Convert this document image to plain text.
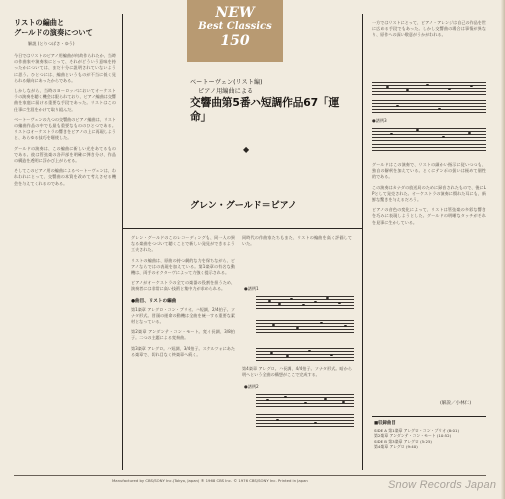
リストの編曲と
グールドの演奏について
解説 (とりつばさ・ゆう)

今日ではリストのピアノ用編曲が何故作られたか、当時の作曲家や演奏家にとって、それがどういう意味を持ったかについては、まだ十分に説明されていないように思う。ひとつには、編曲というものが不当に低く見られる傾向にあったからである。

しかしながら、当時のヨーロッパにおいてオーケストラの演奏を聴く機会は限られており、ピアノ編曲は交響曲を家庭に届ける重要な手段であった。リストはこの仕事に生涯をかけて取り組んだ。

ベートーヴェンの九つの交響曲のピアノ編曲は、リストの編曲作品の中でも最も重要なもののひとつである。リストはオーケストラの響きをピアノの上に再現しようと、あらゆる技巧を駆使した。

グールドの演奏は、この編曲に新しい光をあてるものである。彼は管弦楽の各声部を明確に弾き分け、作品の構造を透明に浮かび上がらせる。

そしてこのピアノ用の編曲によるベートーヴェンは、われわれにとって、交響曲の本質を改めて考えさせる機会を与えてくれるのである。

NEW
Best Classics
150
ベートーヴェン(リスト編)
ピアノ用編曲による
交響曲第5番ハ短調作品67「運命」
◆
グレン・グールド＝ピアノ

グレン・グールドのこのレコーディングも、同一人の異なる楽曲をつづいて聴くことで新しい発見ができるよう工夫された。

リストの編曲は、原曲の持つ劇的な力を保ちながら、ピアノならではの表現を加えている。第1楽章の有名な動機は、両手のオクターヴによって力強く提示される。

ピアノがオーケストラの全ての楽器の役割を担うため、演奏者には非常に高い技術と集中力が求められる。

●曲目、リストの編曲

第1楽章 アレグロ・コン・ブリオ。ハ短調、2/4拍子。ソナタ形式。冒頭の運命の動機は全曲を統一する重要な素材となっている。

第2楽章 アンダンテ・コン・モート。変イ長調、3/8拍子。二つの主題による変奏曲。

第3楽章 アレグロ。ハ短調、3/4拍子。スケルツォにあたる楽章で、切れ目なく終楽章へ続く。

同時代の作曲家たちもまた、リストの編曲を高く評価していた。

●譜例1

第4楽章 アレグロ。ハ長調、4/4拍子。ソナタ形式。暗から明へという全曲の構想がここで完成する。

●譜例2

一方ではリストにとって、ピアノ・アレンジは自己の作品を世に広める手段でもあった。しかし交響曲の場合は事情が異なり、原作への深い敬意がうかがわれる。

●譜例3

グールドはこの演奏で、リストの細かい指示に従いつつも、独自の解釈を加えている。とくにテンポの扱いは極めて個性的である。

この演奏はカナダの放送局のために録音されたもので、後にLPとして発売された。オーケストラの演奏に慣れた耳にも、新鮮な驚きを与えるだろう。

ピアノの音色の変化によって、リストは管弦楽の多彩な響きを巧みに表現しようとした。グールドの明晰なタッチがそれを見事に生かしている。

(解説／小林仁)
■収録曲目
SIDE A 第1楽章 アレグロ・コン・ブリオ (8:01)
第2楽章 アンダンテ・コン・モート (10:52)
SIDE B 第3楽章 アレグロ (5:25)
第4楽章 アレグロ (9:40)
Manufactured by CBS/SONY Inc.(Tokyo, Japan) ® 1968 CBS Inc. © 1976 CBS/SONY Inc. Printed in Japan	Snow Records Japan
